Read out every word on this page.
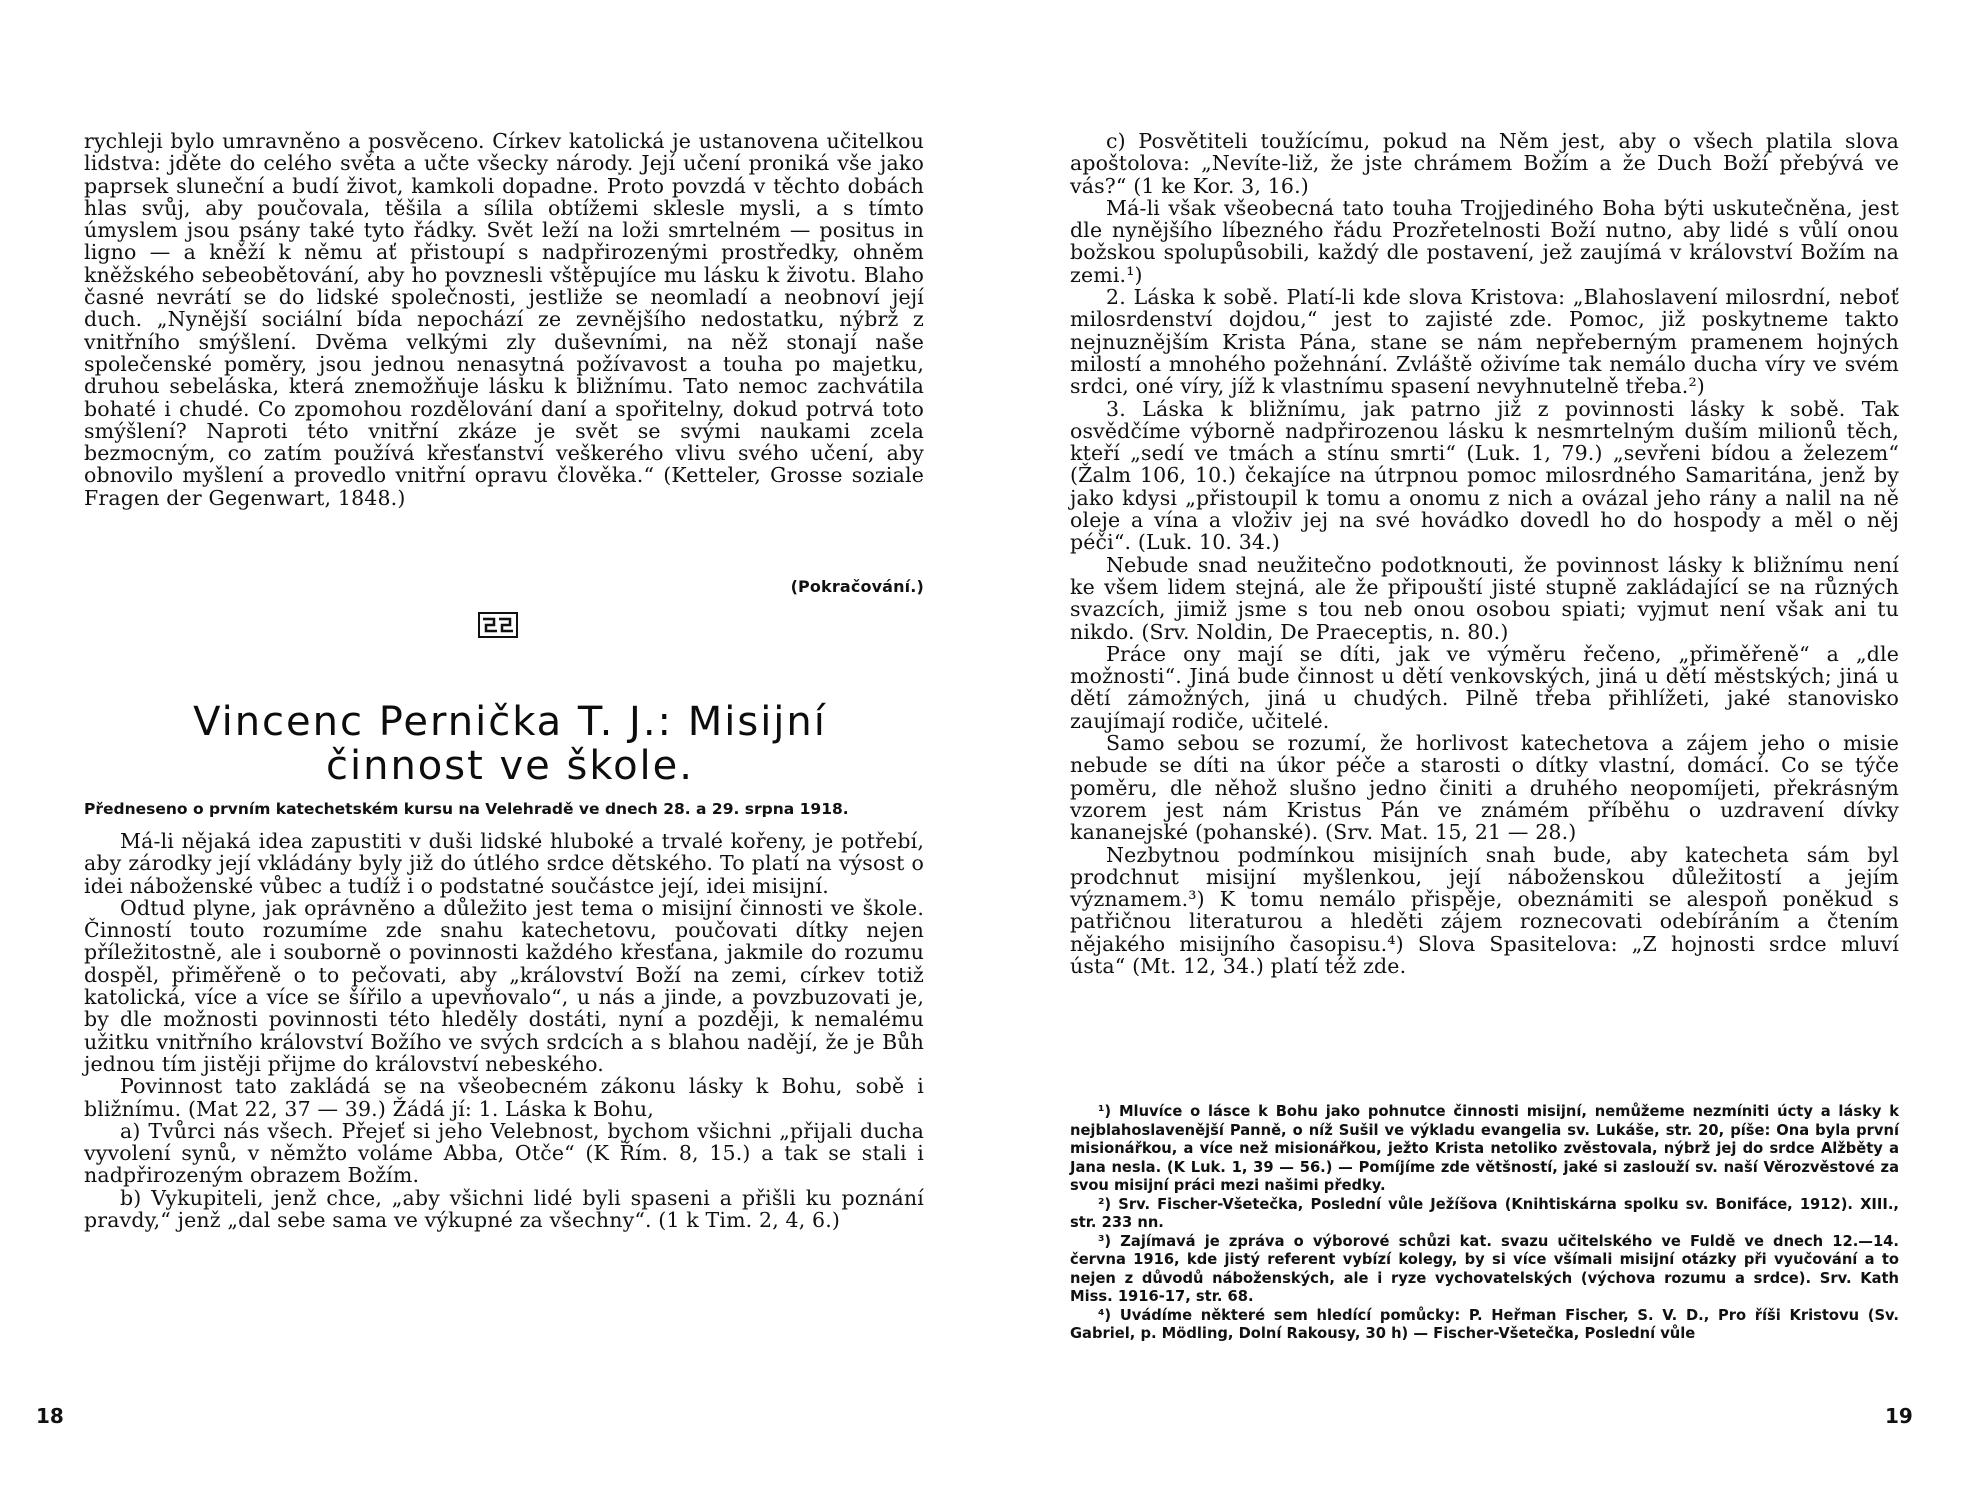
rychleji bylo umravněno a posvěceno. Církev katolická je ustanovena učitelkou lidstva: jděte do celého světa a učte všecky národy. Její učení proniká vše jako paprsek sluneční a budí život, kamkoli dopadne. Proto povzdá v těchto dobách hlas svůj, aby poučovala, těšila a sílila obtížemi sklesle mysli, a s tímto úmyslem jsou psány také tyto řádky. Svět leží na loži smrtelném — positus in ligno — a kněží k němu ať přistoupí s nadpřirozenými prostředky, ohněm kněžského sebeobětování, aby ho povznesli vštěpujíce mu lásku k životu. Blaho časné nevrátí se do lidské společnosti, jestliže se neomladí a neobnoví její duch. „Nynější sociální bída nepochází ze zevnějšího nedostatku, nýbrž z vnitřního smýšlení. Dvěma velkými zly duševními, na něž stonají naše společenské poměry, jsou jednou nenasytná požívavost a touha po majetku, druhou sebeláska, která znemožňuje lásku k bližnímu. Tato nemoc zachvátila bohaté i chudé. Co zpomohou rozdělování daní a spořitelny, dokud potrvá toto smýšlení? Naproti této vnitřní zkáze je svět se svými naukami zcela bezmocným, co zatím používá křesťanství veškerého vlivu svého učení, aby obnovilo myšlení a provedlo vnitřní opravu člověka.“ (Ketteler, Grosse soziale Fragen der Gegenwart, 1848.)

(Pokračování.)
Vincenc Pernička T. J.: Misijní činnost ve škole.
Předneseno o prvním katechetském kursu na Velehradě ve dnech 28. a 29. srpna 1918.

Má-li nějaká idea zapustiti v duši lidské hluboké a trvalé kořeny, je potřebí, aby zárodky její vkládány byly již do útlého srdce dětského. To platí na výsost o idei náboženské vůbec a tudíž i o podstatné součástce její, idei misijní.

Odtud plyne, jak oprávněno a důležito jest tema o misijní činnosti ve škole. Činností touto rozumíme zde snahu katechetovu, poučovati dítky nejen příležitostně, ale i souborně o povinnosti každého křesťana, jakmile do rozumu dospěl, přiměřeně o to pečovati, aby „království Boží na zemi, církev totiž katolická, více a více se šířilo a upevňovalo“, u nás a jinde, a povzbuzovati je, by dle možnosti povinnosti této hleděly dostáti, nyní a později, k nemalému užitku vnitřního království Božího ve svých srdcích a s blahou nadějí, že je Bůh jednou tím jistěji přijme do království nebeského.

Povinnost tato zakládá se na všeobecném zákonu lásky k Bohu, sobě i bližnímu. (Mat 22, 37 — 39.) Žádá jí: 1. Láska k Bohu,

a) Tvůrci nás všech. Přejeť si jeho Velebnost, bychom všichni „přijali ducha vyvolení synů, v němžto voláme Abba, Otče“ (K Řím. 8, 15.) a tak se stali i nadpřirozeným obrazem Božím.

b) Vykupiteli, jenž chce, „aby všichni lidé byli spaseni a přišli ku poznání pravdy,“ jenž „dal sebe sama ve výkupné za všechny“. (1 k Tim. 2, 4, 6.)

18

c) Posvětiteli toužícímu, pokud na Něm jest, aby o všech platila slova apoštolova: „Nevíte-liž, že jste chrámem Božím a že Duch Boží přebývá ve vás?“ (1 ke Kor. 3, 16.)

Má-li však všeobecná tato touha Trojjediného Boha býti uskutečněna, jest dle nynějšího líbezného řádu Prozřetelnosti Boží nutno, aby lidé s vůlí onou božskou spolupůsobili, každý dle postavení, jež zaujímá v království Božím na zemi.¹)

2. Láska k sobě. Platí-li kde slova Kristova: „Blahoslavení milosrdní, neboť milosrdenství dojdou,“ jest to zajisté zde. Pomoc, již poskytneme takto nejnuznějším Krista Pána, stane se nám nepřeberným pramenem hojných milostí a mnohého požehnání. Zvláště oživíme tak nemálo ducha víry ve svém srdci, oné víry, jíž k vlastnímu spasení nevyhnutelně třeba.²)

3. Láska k bližnímu, jak patrno již z povinnosti lásky k sobě. Tak osvědčíme výborně nadpřirozenou lásku k nesmrtelným duším milionů těch, kteří „sedí ve tmách a stínu smrti“ (Luk. 1, 79.) „sevřeni bídou a železem“ (Žalm 106, 10.) čekajíce na útrpnou pomoc milosrdného Samaritána, jenž by jako kdysi „přistoupil k tomu a onomu z nich a ovázal jeho rány a nalil na ně oleje a vína a vloživ jej na své hovádko dovedl ho do hospody a měl o něj péči“. (Luk. 10. 34.)

Nebude snad neužitečno podotknouti, že povinnost lásky k bližnímu není ke všem lidem stejná, ale že připouští jisté stupně zakládající se na různých svazcích, jimiž jsme s tou neb onou osobou spiati; vyjmut není však ani tu nikdo. (Srv. Noldin, De Praeceptis, n. 80.)

Práce ony mají se díti, jak ve výměru řečeno, „přiměřeně“ a „dle možnosti“. Jiná bude činnost u dětí venkovských, jiná u dětí městských; jiná u dětí zámožných, jiná u chudých. Pilně třeba přihlížeti, jaké stanovisko zaujímají rodiče, učitelé.

Samo sebou se rozumí, že horlivost katechetova a zájem jeho o misie nebude se díti na úkor péče a starosti o dítky vlastní, domácí. Co se týče poměru, dle něhož slušno jedno činiti a druhého neopomíjeti, překrásným vzorem jest nám Kristus Pán ve známém příběhu o uzdravení dívky kananejské (pohanské). (Srv. Mat. 15, 21 — 28.)

Nezbytnou podmínkou misijních snah bude, aby katecheta sám byl prodchnut misijní myšlenkou, její náboženskou důležitostí a jejím významem.³) K tomu nemálo přispěje, obeznámiti se alespoň poněkud s patřičnou literaturou a hleděti zájem roznecovati odebíráním a čtením nějakého misijního časopisu.⁴) Slova Spasitelova: „Z hojnosti srdce mluví ústa“ (Mt. 12, 34.) platí též zde.

¹) Mluvíce o lásce k Bohu jako pohnutce činnosti misijní, nemůžeme nezmíniti úcty a lásky k nejblahoslavenější Panně, o níž Sušil ve výkladu evangelia sv. Lukáše, str. 20, píše: Ona byla první misionářkou, a více než misionářkou, ježto Krista netoliko zvěstovala, nýbrž jej do srdce Alžběty a Jana nesla. (K Luk. 1, 39 — 56.) — Pomíjíme zde většností, jaké si zaslouží sv. naší Věrozvěstové za svou misijní práci mezi našimi předky.

²) Srv. Fischer-Všetečka, Poslední vůle Ježíšova (Knihtiskárna spolku sv. Bonifáce, 1912). XIII., str. 233 nn.

³) Zajímavá je zpráva o výborové schůzi kat. svazu učitelského ve Fuldě ve dnech 12.—14. června 1916, kde jistý referent vybízí kolegy, by si více všímali misijní otázky při vyučování a to nejen z důvodů náboženských, ale i ryze vychovatelských (výchova rozumu a srdce). Srv. Kath Miss. 1916-17, str. 68.

⁴) Uvádíme některé sem hledící pomůcky: P. Heřman Fischer, S. V. D., Pro říši Kristovu (Sv. Gabriel, p. Mödling, Dolní Rakousy, 30 h) — Fischer-Všetečka, Poslední vůle

19
